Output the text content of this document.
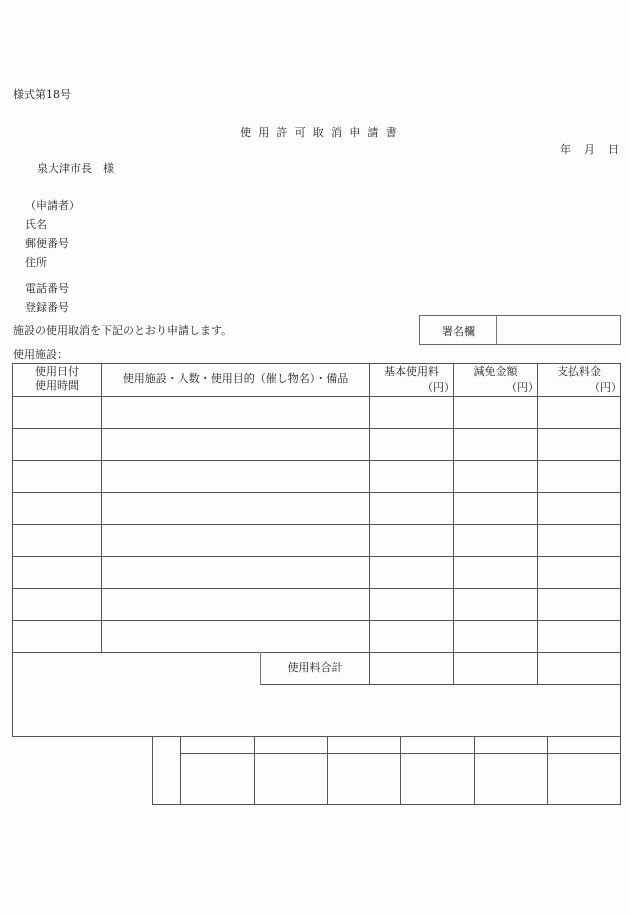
様式第18号
使用許可取消申請書
年 月 日
泉大津市長　様
（申請者）
氏名
郵便番号
住所
電話番号
登録番号
施設の使用取消を下記のとおり申請します。	署名欄
使用施設：
使用料合計
使用日付
使用時間
使用施設・人数・使用目的（催し物名）・備品
基本使用料
（円）
減免金額
（円）
支払料金
（円）
